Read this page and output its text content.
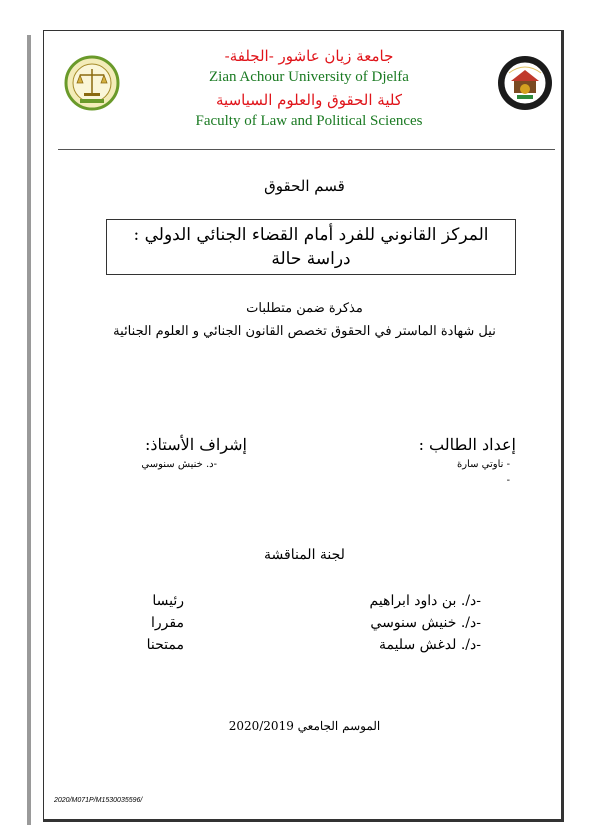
جامعة زيان عاشور -الجلفة-
Zian Achour University of Djelfa
كلية الحقوق والعلوم السياسية
Faculty of Law and Political Sciences
قسم الحقوق
المركز القانوني للفرد أمام القضاء الجنائي الدولي :
دراسة حالة
مذكرة ضمن متطلبات
نيل شهادة الماستر في الحقوق تخصص القانون الجنائي و العلوم الجنائية
إعداد الطالب :
- ناوتي سارة
-
إشراف الأستاذ:
-د. خنيش سنوسي
لجنة المناقشة
-د/. بن داود ابراهيم
رئيسا
-د/. خنيش سنوسي
مقررا
-د/. لدغش سليمة
ممتحنا
الموسم الجامعي 2020/2019
2020/M071P/M1530035596/
